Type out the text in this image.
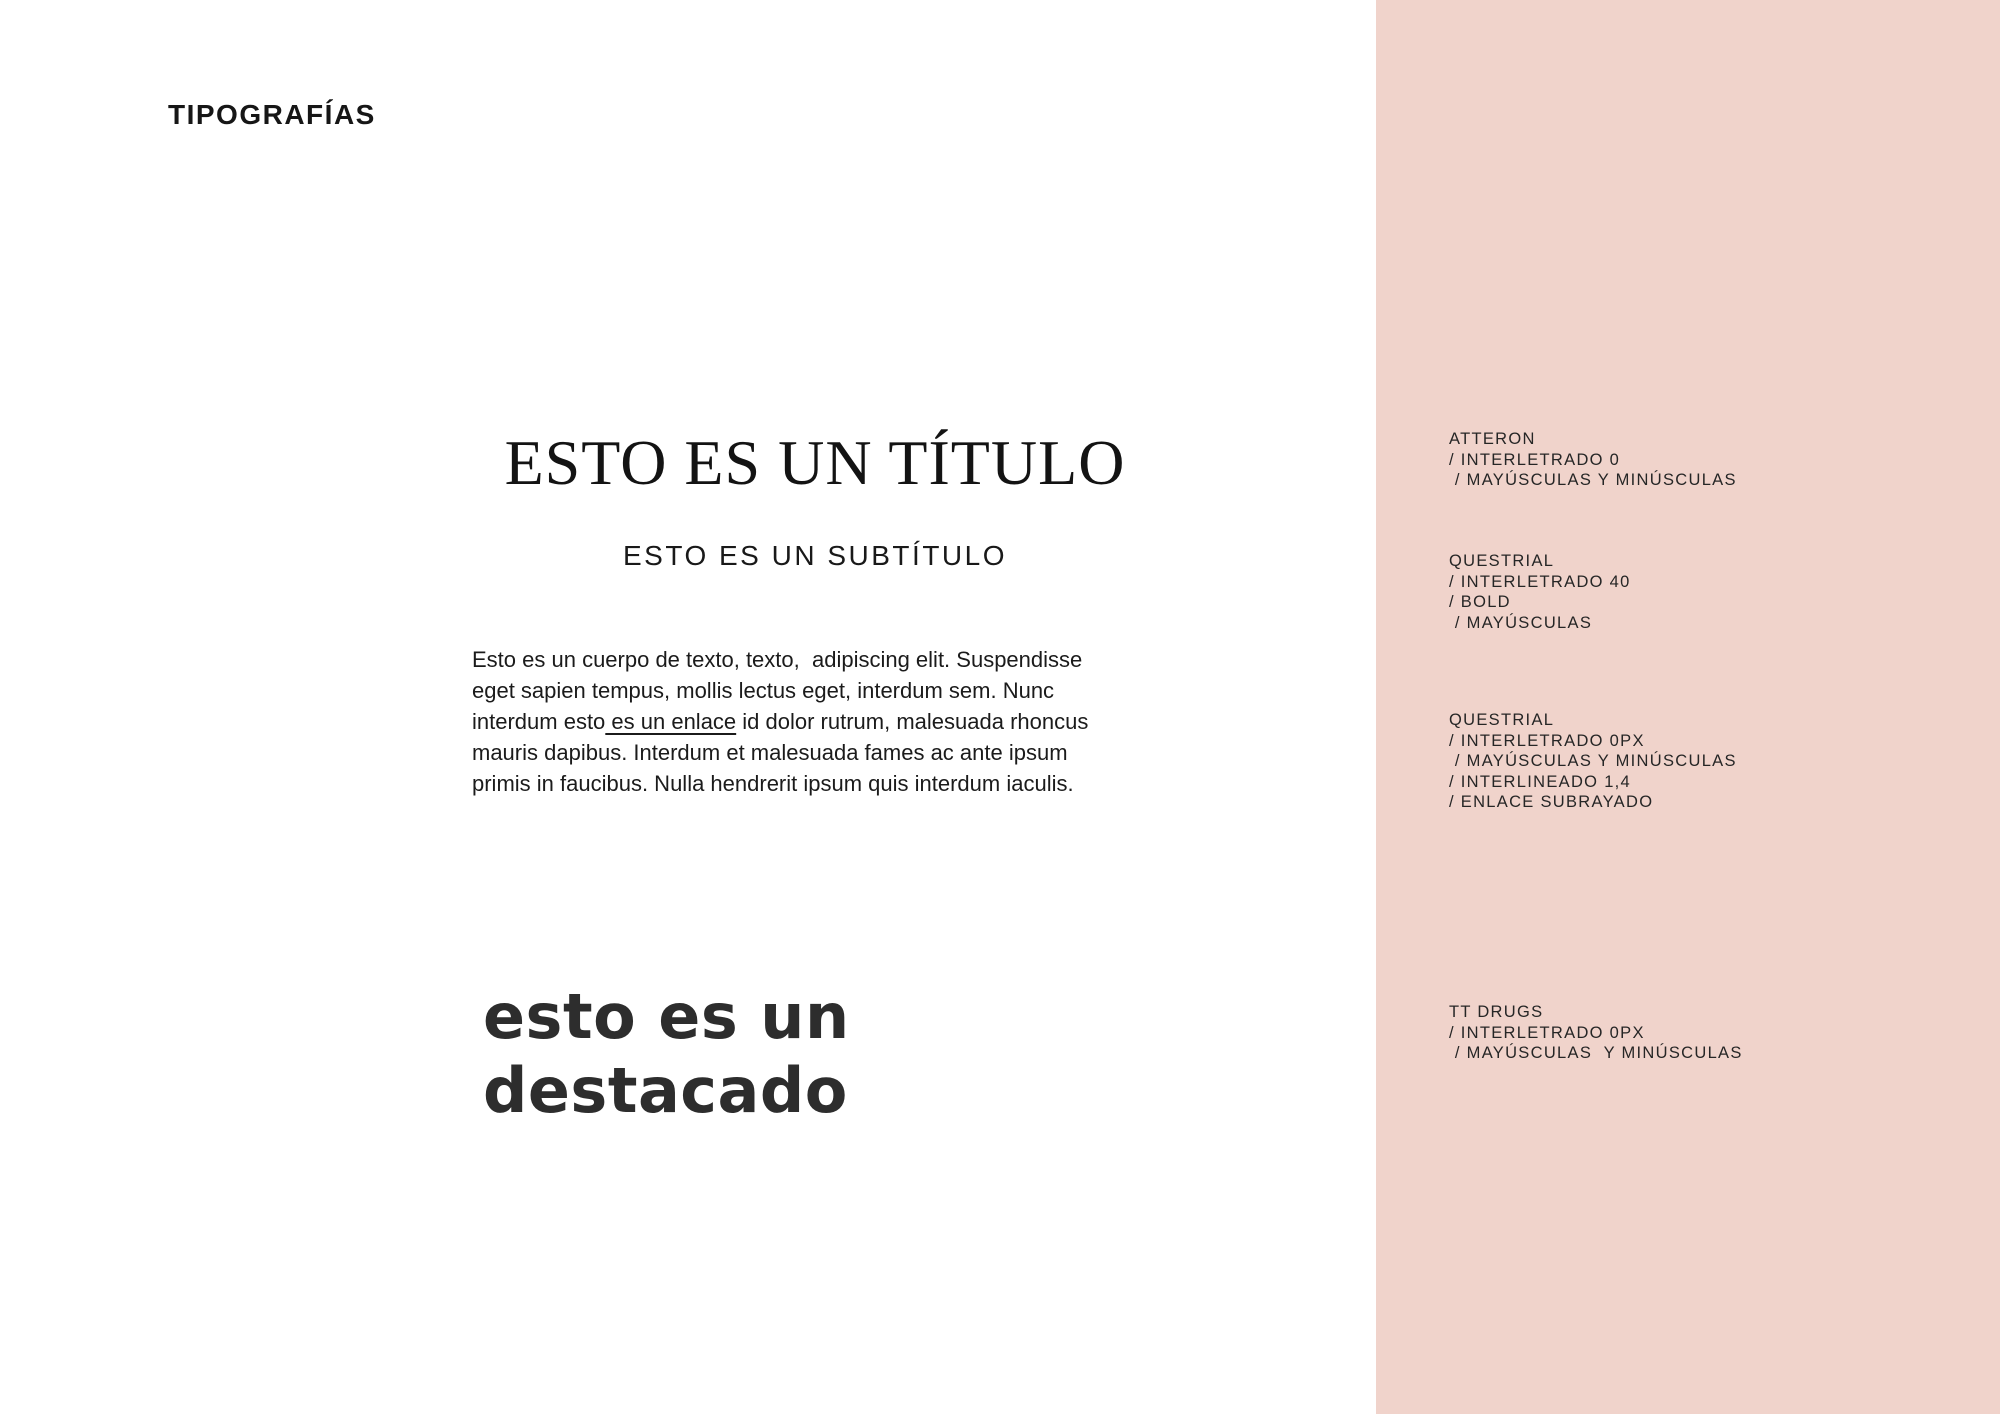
TIPOGRAFÍAS
ESTO ES UN TÍTULO
ESTO ES UN SUBTÍTULO
Esto es un cuerpo de texto, texto,  adipiscing elit. Suspendisse
eget sapien tempus, mollis lectus eget, interdum sem. Nunc
interdum esto es un enlace id dolor rutrum, malesuada rhoncus
mauris dapibus. Interdum et malesuada fames ac ante ipsum
primis in faucibus. Nulla hendrerit ipsum quis interdum iaculis.
esto es un
destacado
ATTERON
/ INTERLETRADO 0
/ MAYÚSCULAS Y MINÚSCULAS
QUESTRIAL
/ INTERLETRADO 40
/ BOLD
/ MAYÚSCULAS
QUESTRIAL
/ INTERLETRADO 0PX
/ MAYÚSCULAS Y MINÚSCULAS
/ INTERLINEADO 1,4
/ ENLACE SUBRAYADO
TT DRUGS
/ INTERLETRADO 0PX
/ MAYÚSCULAS  Y MINÚSCULAS
